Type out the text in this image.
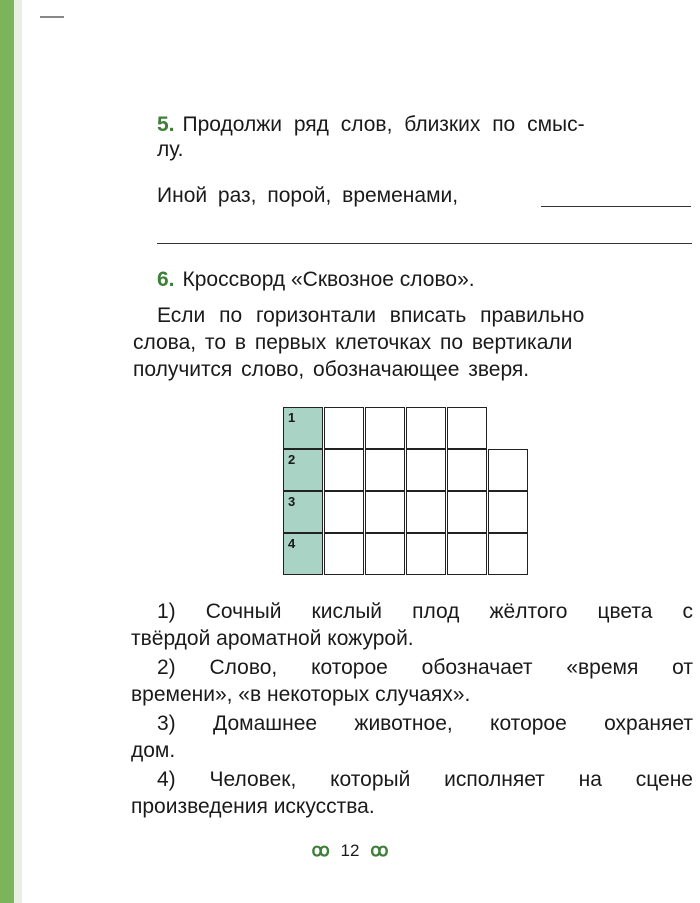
5. Продолжи ряд слов, близких по смыс-
лу.
Иной раз, порой, временами,
6. Кроссворд «Сквозное слово».
Если по горизонтали вписать правильно
слова, то в первых клеточках по вертикали
получится слово, обозначающее зверя.
1
2
3
4
1) Сочный кислый плод жёлтого цвета с
твёрдой ароматной кожурой.
2) Слово, которое обозначает «время от
времени», «в некоторых случаях».
3) Домашнее животное, которое охраняет
дом.
4) Человек, который исполняет на сцене
произведения искусства.
ꝏ 12 ꝏ
